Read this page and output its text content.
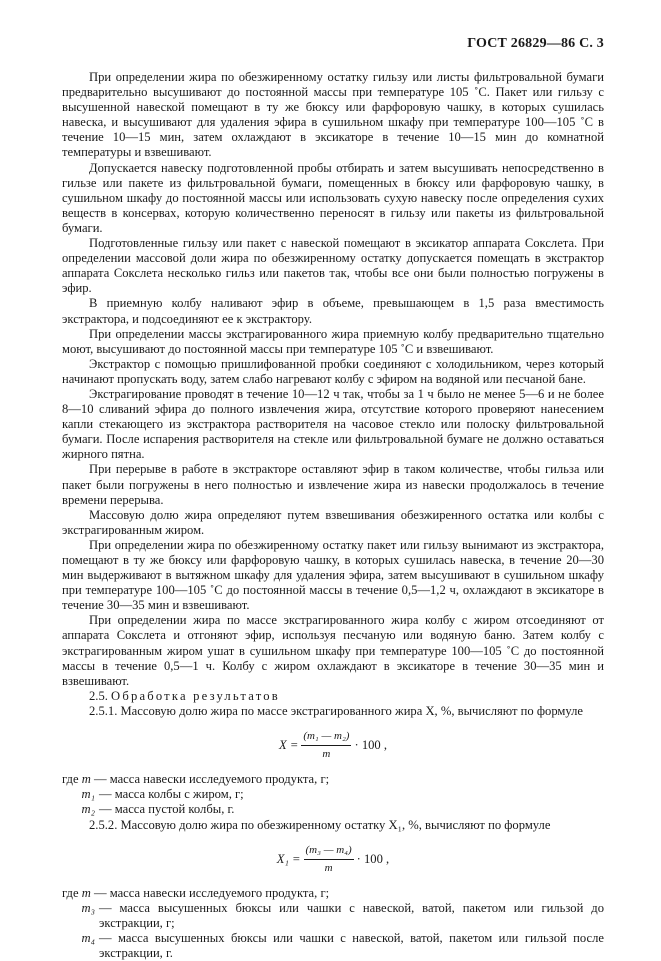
ГОСТ 26829—86 С. 3

При определении жира по обезжиренному остатку гильзу или листы фильтровальной бумаги предварительно высушивают до постоянной массы при температуре 105 ˚С. Пакет или гильзу с высушенной навеской помещают в ту же бюксу или фарфоровую чашку, в которых сушилась навеска, и высушивают для удаления эфира в сушильном шкафу при температуре 100—105 ˚С в течение 10—15 мин, затем охлаждают в эксикаторе в течение 10—15 мин до комнатной температуры и взвешивают.

Допускается навеску подготовленной пробы отбирать и затем высушивать непосредственно в гильзе или пакете из фильтровальной бумаги, помещенных в бюксу или фарфоровую чашку, в сушильном шкафу до постоянной массы или использовать сухую навеску после определения сухих веществ в консервах, которую количественно переносят в гильзу или пакеты из фильтровальной бумаги.

Подготовленные гильзу или пакет с навеской помещают в эксикатор аппарата Сокслета. При определении массовой доли жира по обезжиренному остатку допускается помещать в экстрактор аппарата Сокслета несколько гильз или пакетов так, чтобы все они были полностью погружены в эфир.

В приемную колбу наливают эфир в объеме, превышающем в 1,5 раза вместимость экстрактора, и подсоединяют ее к экстрактору.

При определении массы экстрагированного жира приемную колбу предварительно тщательно моют, высушивают до постоянной массы при температуре 105 ˚С и взвешивают.

Экстрактор с помощью пришлифованной пробки соединяют с холодильником, через который начинают пропускать воду, затем слабо нагревают колбу с эфиром на водяной или песчаной бане.

Экстрагирование проводят в течение 10—12 ч так, чтобы за 1 ч было не менее 5—6 и не более 8—10 сливаний эфира до полного извлечения жира, отсутствие которого проверяют нанесением капли стекающего из экстрактора растворителя на часовое стекло или полоску фильтровальной бумаги. После испарения растворителя на стекле или фильтровальной бумаге не должно оставаться жирного пятна.

При перерыве в работе в экстракторе оставляют эфир в таком количестве, чтобы гильза или пакет были погружены в него полностью и извлечение жира из навески продолжалось в течение времени перерыва.

Массовую долю жира определяют путем взвешивания обезжиренного остатка или колбы с экстрагированным жиром.

При определении жира по обезжиренному остатку пакет или гильзу вынимают из экстрактора, помещают в ту же бюксу или фарфоровую чашку, в которых сушилась навеска, в течение 20—30 мин выдерживают в вытяжном шкафу для удаления эфира, затем высушивают в сушильном шкафу при температуре 100—105 ˚С до постоянной массы в течение 0,5—1,2 ч, охлаждают в эксикаторе в течение 30—35 мин и взвешивают.

При определении жира по массе экстрагированного жира колбу с жиром отсоединяют от аппарата Сокслета и отгоняют эфир, используя песчаную или водяную баню. Затем колбу с экстрагированным жиром ушат в сушильном шкафу при температуре 100—105 ˚С до постоянной массы в течение 0,5—1 ч. Колбу с жиром охлаждают в эксикаторе в течение 30—35 мин и взвешивают.

2.5. Обработка результатов

2.5.1. Массовую долю жира по массе экстрагированного жира X, %, вычисляют по формуле

$X = \frac{\text{(m₁ — m₂)}}{m} \cdot 100$ ,
где
m
— масса навески исследуемого продукта, г;
m₁ — масса колбы с жиром, г;
m₂ — масса пустой колбы, г.

2.5.2. Массовую долю жира по обезжиренному остатку X₁, %, вычисляют по формуле

$X_1 = \frac{\text{(m₃ — m₄)}}{m} \cdot 100$ ,
где
m
— масса навески исследуемого продукта, г;
m₃ — масса высушенных бюксы или чашки с навеской, ватой, пакетом или гильзой до экстракции, г;
m₄ — масса высушенных бюксы или чашки с навеской, ватой, пакетом или гильзой после экстракции, г.
